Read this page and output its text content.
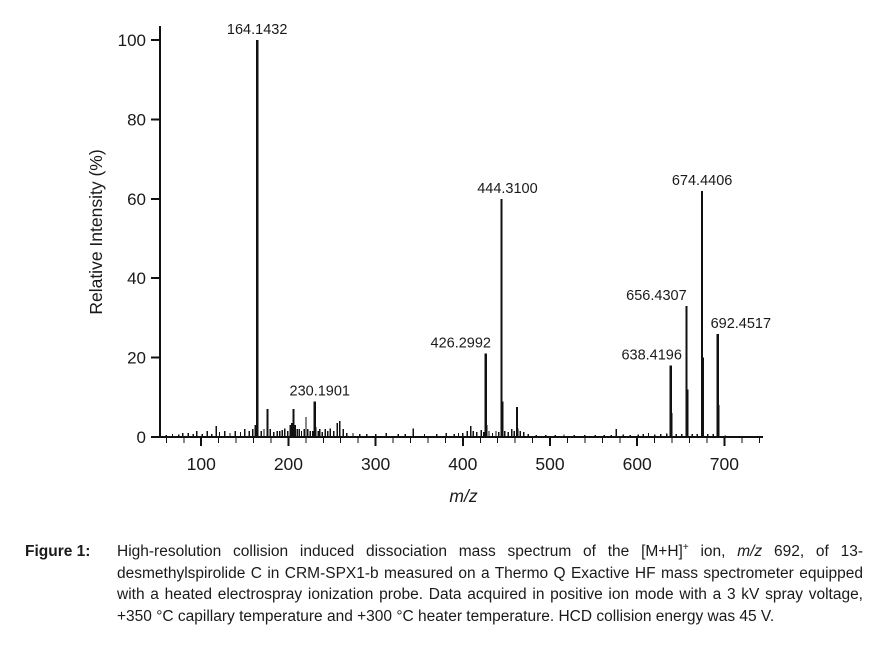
0
20
40
60
80
100
100	200	300	400	500	600	700
Relative Intensity (%)
m/z
164.1432
230.1901
426.2992
444.3100
638.4196
656.4307
674.4406
692.4517
Figure 1:	High-resolution collision induced dissociation mass spectrum of the [M+H]+ ion, m/z 692, of 13-desmethylspirolide C in CRM-SPX1-b measured on a Thermo Q Exactive HF mass spectrometer equipped with a heated electrospray ionization probe. Data acquired in positive ion mode with a 3 kV spray voltage, +350 °C capillary temperature and +300 °C heater temperature. HCD collision energy was 45 V.
